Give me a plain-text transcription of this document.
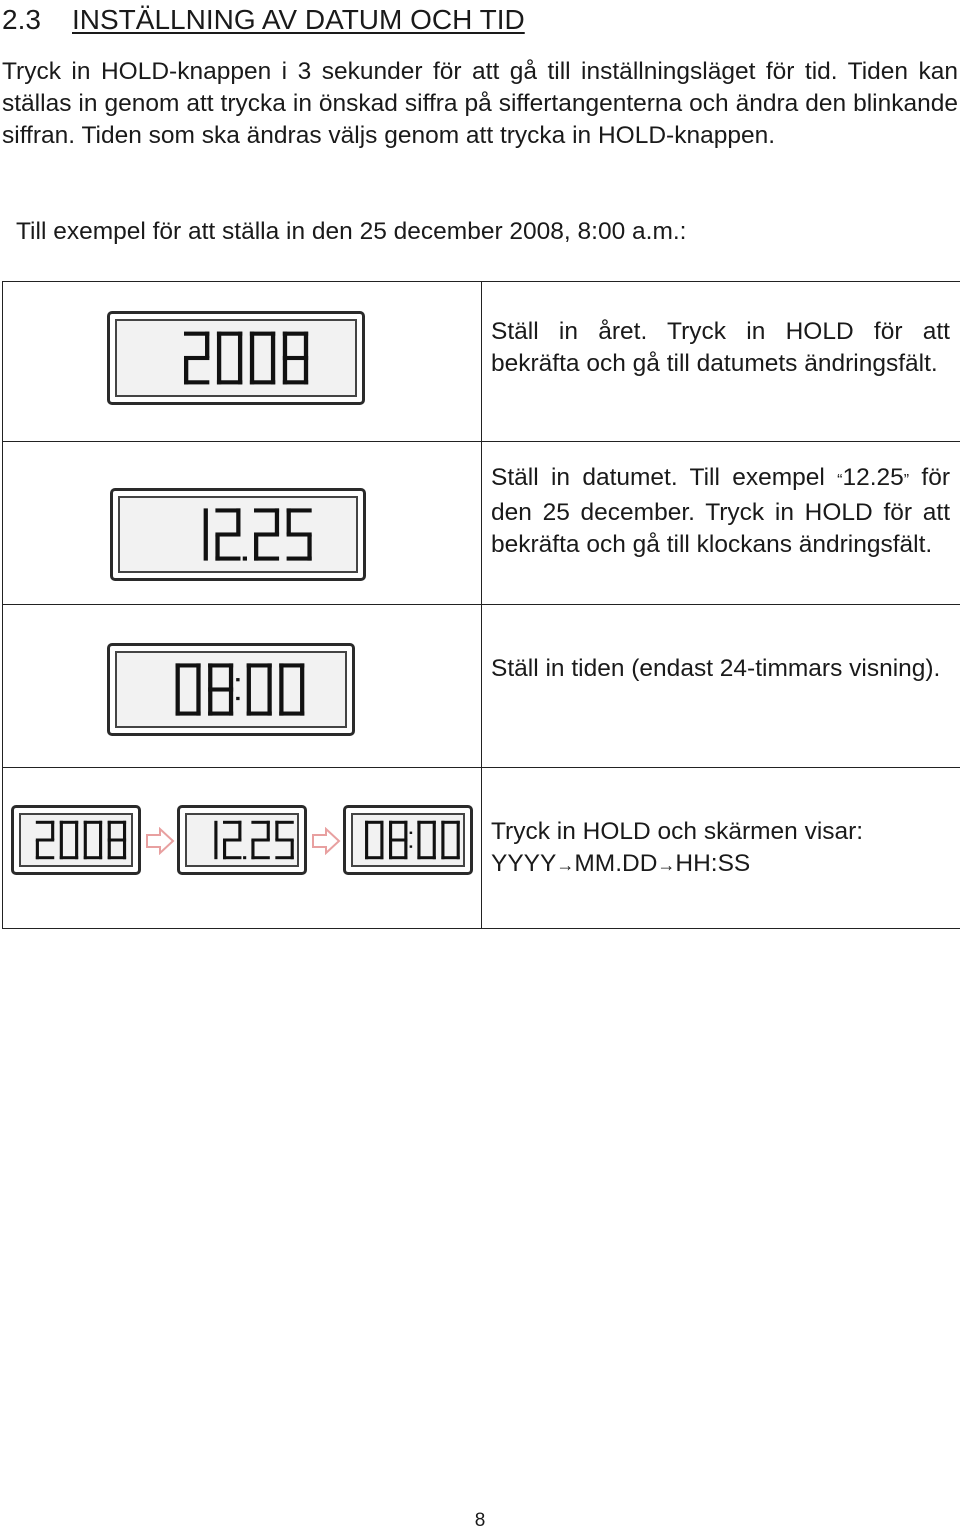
2.3 INSTÄLLNING AV DATUM OCH TID

Tryck in HOLD-knappen i 3 sekunder för att gå till inställningsläget för tid. Tiden kan ställas in genom att trycka in önskad siffra på siffertangenterna och ändra den blinkande siffran. Tiden som ska ändras väljs genom att trycka in HOLD-knappen.

Till exempel för att ställa in den 25 december 2008, 8:00 a.m.:

Ställ in året. Tryck in HOLD för att bekräfta och gå till datumets ändringsfält.

Ställ in datumet. Till exempel “12.25” för den 25 december. Tryck in HOLD för att bekräfta och gå till klockans ändringsfält.

Ställ in tiden (endast 24-timmars visning).

Tryck in HOLD och skärmen visar:
YYYY→MM.DD→HH:SS
8
